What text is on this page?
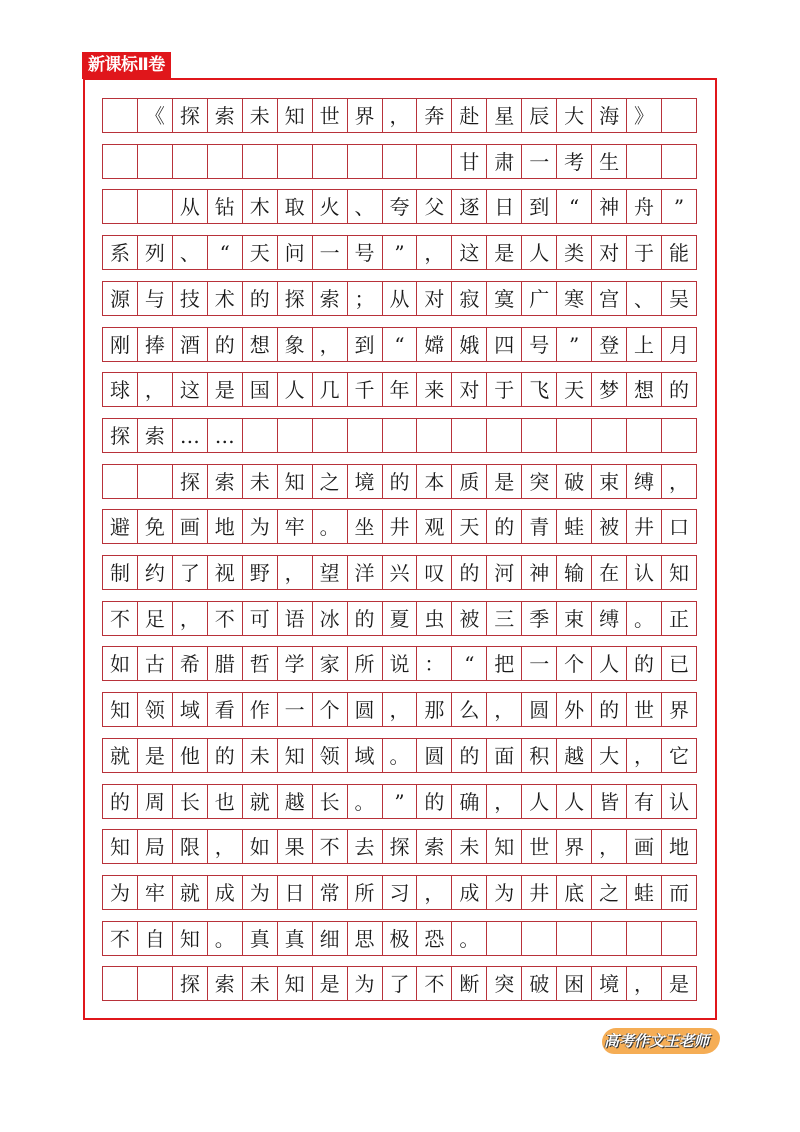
新课标Ⅱ卷
《 探 索 未 知 世 界 ， 奔 赴 星 辰 大 海 》
甘 肃 一 考 生
从 钻 木 取 火 、 夸 父 逐 日 到 “ 神 舟 ”
系 列 、 “ 天 问 一 号 ” ， 这 是 人 类 对 于 能
源 与 技 术 的 探 索 ； 从 对 寂 寞 广 寒 宫 、 吴
刚 捧 酒 的 想 象 ， 到 “ 嫦 娥 四 号 ” 登 上 月
球 ， 这 是 国 人 几 千 年 来 对 于 飞 天 梦 想 的
探 索 … …
探 索 未 知 之 境 的 本 质 是 突 破 束 缚 ，
避 免 画 地 为 牢 。 坐 井 观 天 的 青 蛙 被 井 口
制 约 了 视 野 ， 望 洋 兴 叹 的 河 神 输 在 认 知
不 足 ， 不 可 语 冰 的 夏 虫 被 三 季 束 缚 。 正
如 古 希 腊 哲 学 家 所 说 ： “ 把 一 个 人 的 已
知 领 域 看 作 一 个 圆 ， 那 么 ， 圆 外 的 世 界
就 是 他 的 未 知 领 域 。 圆 的 面 积 越 大 ， 它
的 周 长 也 就 越 长 。 ” 的 确 ， 人 人 皆 有 认
知 局 限 ， 如 果 不 去 探 索 未 知 世 界 ， 画 地
为 牢 就 成 为 日 常 所 习 ， 成 为 井 底 之 蛙 而
不 自 知 。 真 真 细 思 极 恐 。
探 索 未 知 是 为 了 不 断 突 破 困 境 ， 是
高考作文王老师
